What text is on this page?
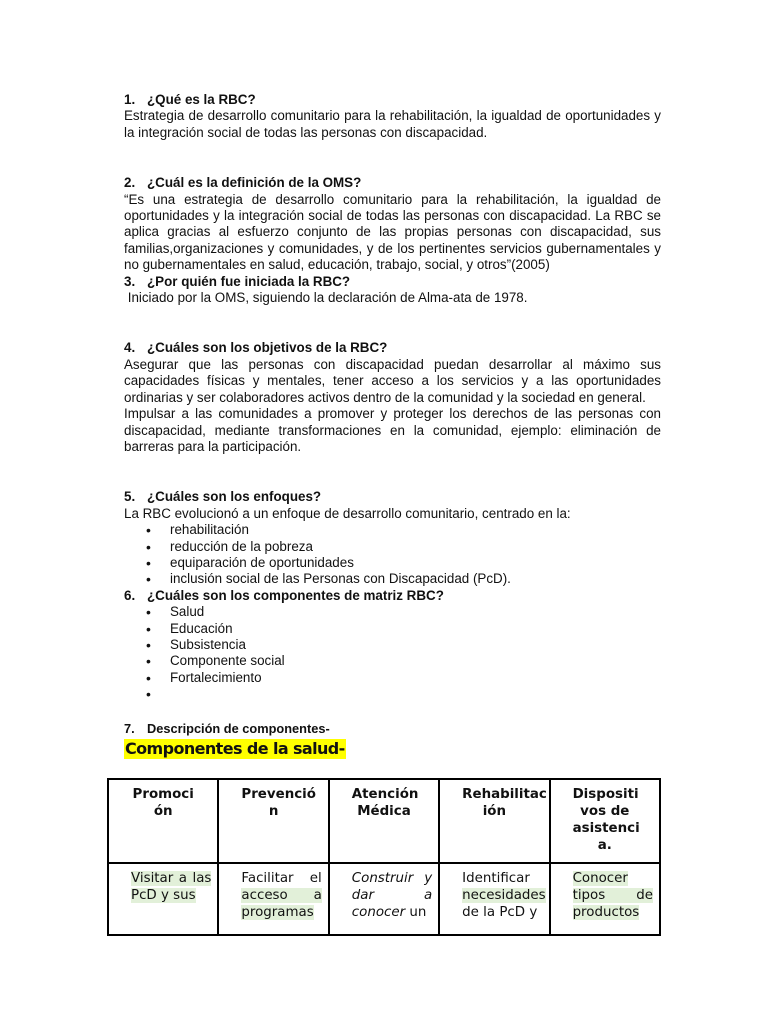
1. ¿Qué es la RBC?
Estrategia de desarrollo comunitario para la rehabilitación, la igualdad de oportunidades y la integración social de todas las personas con discapacidad.
2. ¿Cuál es la definición de la OMS?
“Es una estrategia de desarrollo comunitario para la rehabilitación, la igualdad de oportunidades y la integración social de todas las personas con discapacidad. La RBC se aplica gracias al esfuerzo conjunto de las propias personas con discapacidad, sus familias,organizaciones y comunidades, y de los pertinentes servicios gubernamentales y no gubernamentales en salud, educación, trabajo, social, y otros”(2005)
3. ¿Por quién fue iniciada la RBC?
Iniciado por la OMS, siguiendo la declaración de Alma-ata de 1978.
4. ¿Cuáles son los objetivos de la RBC?
Asegurar que las personas con discapacidad puedan desarrollar al máximo sus capacidades físicas y mentales, tener acceso a los servicios y a las oportunidades ordinarias y ser colaboradores activos dentro de la comunidad y la sociedad en general.
Impulsar a las comunidades a promover y proteger los derechos de las personas con discapacidad, mediante transformaciones en la comunidad, ejemplo: eliminación de barreras para la participación.
5. ¿Cuáles son los enfoques?
La RBC evolucionó a un enfoque de desarrollo comunitario, centrado en la:
• rehabilitación
• reducción de la pobreza
• equiparación de oportunidades
• inclusión social de las Personas con Discapacidad (PcD).
6. ¿Cuáles son los componentes de matriz RBC?
• Salud
• Educación
• Subsistencia
• Componente social
• Fortalecimiento
•
7. Descripción de componentes-
Componentes de la salud-
Promoci ón	Prevenció n	Atención Médica	Rehabilitac ión	Dispositi vos de asistenci a.
Visitar a las PcD y sus	Facilitar el acceso a programas	Construir y dar a conocer un	Identificar necesidades de la PcD y	Conocer tipos de productos
